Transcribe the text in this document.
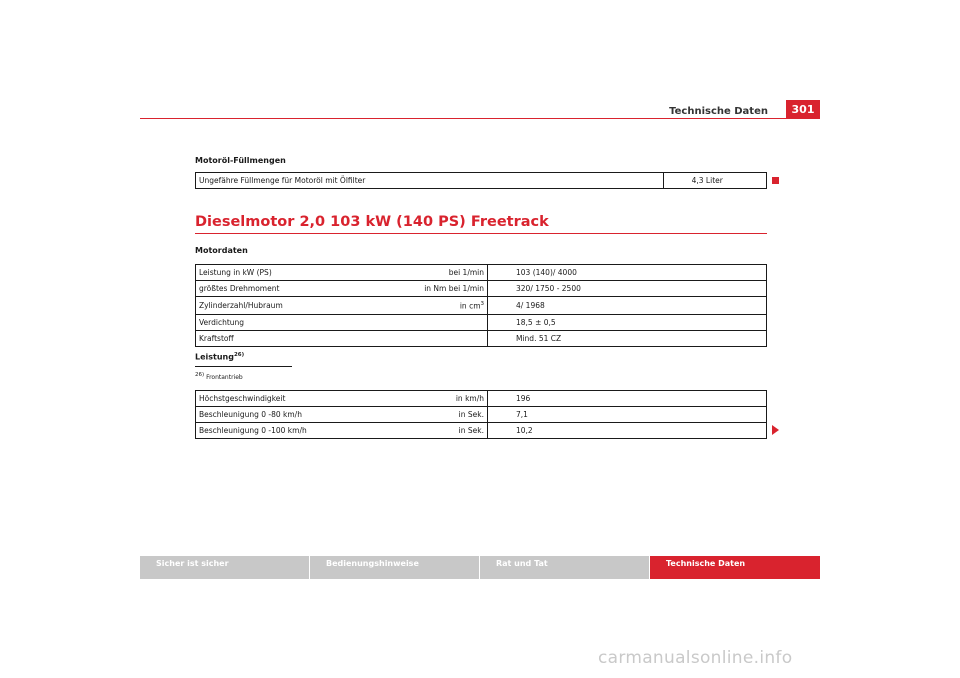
Technische Daten	301
Motoröl-Füllmengen
Ungefähre Füllmenge für Motoröl mit Ölfilter	4,3 Liter
Dieselmotor 2,0 103 kW (140 PS) Freetrack
Motordaten
Leistung in kW (PS)	bei 1/min	103 (140)/ 4000
größtes Drehmoment	in Nm bei 1/min	320/ 1750 - 2500
Zylinderzahl/Hubraum	in $cm^3$	4/ 1968
Verdichtung		18,5 ± 0,5
Kraftstoff		Mind. 51 CZ
Leistung$^{26)}$
$^{26)}$ Frontantrieb
Höchstgeschwindigkeit	in km/h	196
Beschleunigung 0 -80 km/h	in Sek.	7,1
Beschleunigung 0 -100 km/h	in Sek.	10,2
Sicher ist sicher	Bedienungshinweise	Rat und Tat	Technische Daten
carmanualsonline.info
